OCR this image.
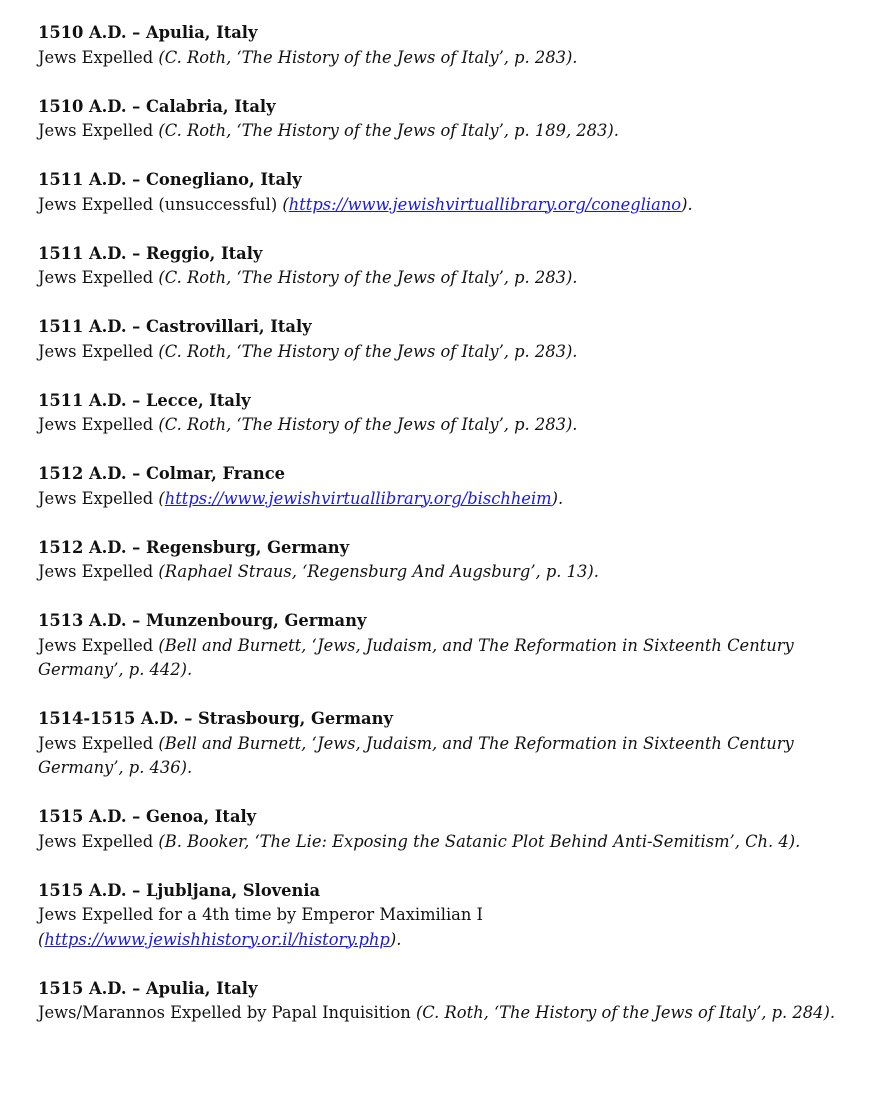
1510 A.D. – Apulia, Italy
Jews Expelled (C. Roth, ‘The History of the Jews of Italy’, p. 283).
1510 A.D. – Calabria, Italy
Jews Expelled (C. Roth, ‘The History of the Jews of Italy’, p. 189, 283).
1511 A.D. – Conegliano, Italy
Jews Expelled (unsuccessful) (https://www.jewishvirtuallibrary.org/conegliano).
1511 A.D. – Reggio, Italy
Jews Expelled (C. Roth, ‘The History of the Jews of Italy’, p. 283).
1511 A.D. – Castrovillari, Italy
Jews Expelled (C. Roth, ‘The History of the Jews of Italy’, p. 283).
1511 A.D. – Lecce, Italy
Jews Expelled (C. Roth, ‘The History of the Jews of Italy’, p. 283).
1512 A.D. – Colmar, France
Jews Expelled (https://www.jewishvirtuallibrary.org/bischheim).
1512 A.D. – Regensburg, Germany
Jews Expelled (Raphael Straus, ‘Regensburg And Augsburg’, p. 13).
1513 A.D. – Munzenbourg, Germany
Jews Expelled (Bell and Burnett, ‘Jews, Judaism, and The Reformation in Sixteenth Century Germany’, p. 442).
1514-1515 A.D. – Strasbourg, Germany
Jews Expelled (Bell and Burnett, ‘Jews, Judaism, and The Reformation in Sixteenth Century Germany’, p. 436).
1515 A.D. – Genoa, Italy
Jews Expelled (B. Booker, ‘The Lie: Exposing the Satanic Plot Behind Anti-Semitism’, Ch. 4).
1515 A.D. – Ljubljana, Slovenia
Jews Expelled for a 4th time by Emperor Maximilian I (https://www.jewishhistory.or.il/history.php).
1515 A.D. – Apulia, Italy
Jews/Marannos Expelled by Papal Inquisition (C. Roth, ‘The History of the Jews of Italy’, p. 284).
